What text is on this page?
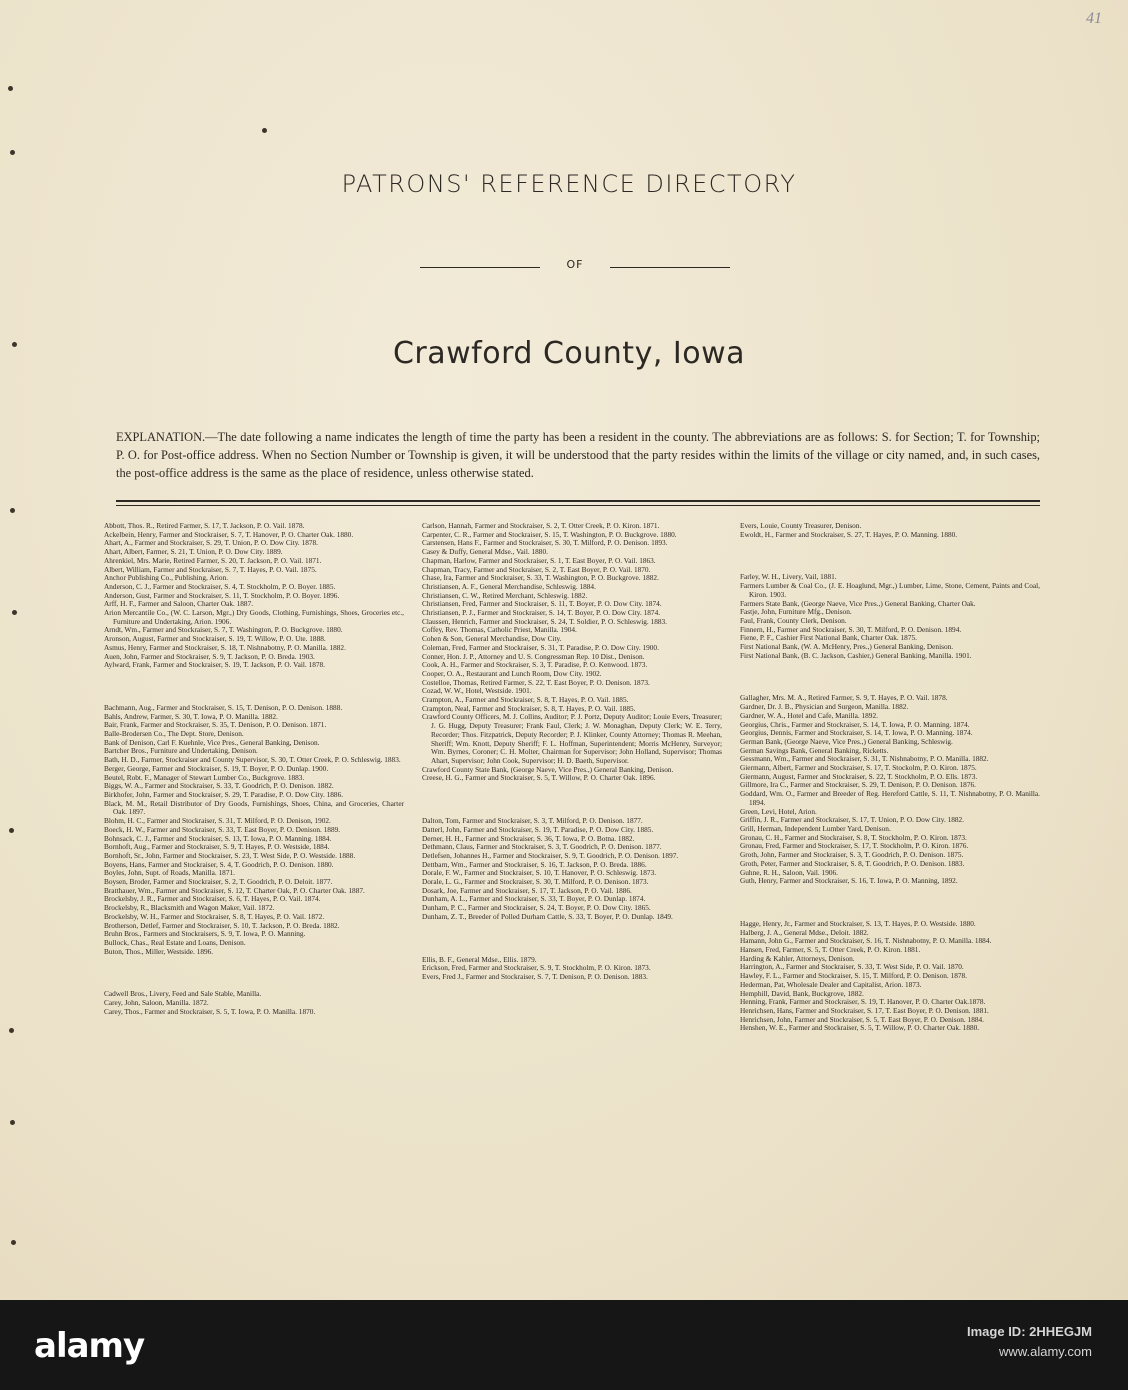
41
PATRONS' REFERENCE DIRECTORY
OF
Crawford County, Iowa
EXPLANATION.—The date following a name indicates the length of time the party has been a resident in the county. The abbreviations are as follows: S. for Section; T. for Township; P. O. for Post-office address. When no Section Number or Township is given, it will be understood that the party resides within the limits of the village or city named, and, in such cases, the post-office address is the same as the place of residence, unless otherwise stated.

Abbott, Thos. R., Retired Farmer, S. 17, T. Jackson, P. O. Vail. 1878.

Ackelbein, Henry, Farmer and Stockraiser, S. 7, T. Hanover, P. O. Charter Oak. 1880.

Ahart, A., Farmer and Stockraiser, S. 29, T. Union, P. O. Dow City. 1878.

Ahart, Albert, Farmer, S. 21, T. Union, P. O. Dow City. 1889.

Ahrenkiel, Mrs. Marie, Retired Farmer, S. 20, T. Jackson, P. O. Vail. 1871.

Albert, William, Farmer and Stockraiser, S. 7, T. Hayes, P. O. Vail. 1875.

Anchor Publishing Co., Publishing, Arion.

Anderson, C. J., Farmer and Stockraiser, S. 4, T. Stockholm, P. O. Boyer. 1885.

Anderson, Gust, Farmer and Stockraiser, S. 11, T. Stockholm, P. O. Boyer. 1896.

Arff, H. F., Farmer and Saloon, Charter Oak. 1887.

Arion Mercantile Co., (W. C. Larson, Mgr.,) Dry Goods, Clothing, Furnishings, Shoes, Groceries etc., Furniture and Undertaking, Arion. 1906.

Arndt, Wm., Farmer and Stockraiser, S. 7, T. Washington, P. O. Buckgrove. 1880.

Aronson, August, Farmer and Stockraiser, S. 19, T. Willow, P. O. Ute. 1888.

Asmus, Henry, Farmer and Stockraiser, S. 18, T. Nishnabotny, P. O. Manilla. 1882.

Auen, John, Farmer and Stockraiser, S. 9, T. Jackson, P. O. Breda. 1903.

Aylward, Frank, Farmer and Stockraiser, S. 19, T. Jackson, P. O. Vail. 1878.

Bachmann, Aug., Farmer and Stockraiser, S. 15, T. Denison, P. O. Denison. 1888.

Bahls, Andrew, Farmer, S. 30, T. Iowa, P. O. Manilla. 1882.

Bair, Frank, Farmer and Stockraiser, S. 35, T. Denison, P. O. Denison. 1871.

Balle-Brodersen Co., The Dept. Store, Denison.

Bank of Denison, Carl F. Kuehnle, Vice Pres., General Banking, Denison.

Bartcher Bros., Furniture and Undertaking, Denison.

Bath, H. D., Farmer, Stockraiser and County Supervisor, S. 30, T. Otter Creek, P. O. Schleswig. 1883.

Berger, George, Farmer and Stockraiser, S. 19, T. Boyer, P. O. Dunlap. 1900.

Beutel, Robt. F., Manager of Stewart Lumber Co., Buckgrove. 1883.

Biggs, W. A., Farmer and Stockraiser, S. 33, T. Goodrich, P. O. Denison. 1882.

Birkhofer, John, Farmer and Stockraiser, S. 29, T. Paradise, P. O. Dow City. 1886.

Black, M. M., Retail Distributor of Dry Goods, Furnishings, Shoes, China, and Groceries, Charter Oak. 1897.

Blohm, H. C., Farmer and Stockraiser, S. 31, T. Milford, P. O. Denison, 1902.

Boeck, H. W., Farmer and Stockraiser, S. 33, T. East Boyer, P. O. Denison. 1889.

Bohnsack, C. J., Farmer and Stockraiser, S. 13, T. Iowa, P. O. Manning. 1884.

Bornhoft, Aug., Farmer and Stockraiser, S. 9, T. Hayes, P. O. Westside, 1884.

Bornhoft, Sr., John, Farmer and Stockraiser, S. 23, T. West Side, P. O. Westside. 1888.

Boyens, Hans, Farmer and Stockraiser, S. 4, T. Goodrich, P. O. Denison. 1880.

Boyles, John, Supt. of Roads, Manilla. 1871.

Boysen, Broder, Farmer and Stockraiser, S. 2, T. Goodrich, P. O. Deloit. 1877.

Bratthauer, Wm., Farmer and Stockraiser, S. 12, T. Charter Oak, P. O. Charter Oak. 1887.

Brockelsby, J. R., Farmer and Stockraiser, S. 6, T. Hayes, P. O. Vail. 1874.

Brockelsby, R., Blacksmith and Wagon Maker, Vail. 1872.

Brockelsby, W. H., Farmer and Stockraiser, S. 8, T. Hayes, P. O. Vail. 1872.

Brotherson, Detlef, Farmer and Stockraiser, S. 10, T. Jackson, P. O. Breda. 1882.

Bruhn Bros., Farmers and Stockraisers, S. 9, T. Iowa, P. O. Manning.

Bullock, Chas., Real Estate and Loans, Denison.

Buton, Thos., Miller, Westside. 1896.

Cadwell Bros., Livery, Feed and Sale Stable, Manilla.

Carey, John, Saloon, Manilla. 1872.

Carey, Thos., Farmer and Stockraiser, S. 5, T. Iowa, P. O. Manilla. 1870.

Carlson, Hannah, Farmer and Stockraiser, S. 2, T. Otter Creek, P. O. Kiron. 1871.

Carpenter, C. R., Farmer and Stockraiser, S. 15, T. Washington, P. O. Buckgrove. 1880.

Carstensen, Hans F., Farmer and Stockraiser, S. 30, T. Milford, P. O. Denison. 1893.

Casey & Duffy, General Mdse., Vail. 1880.

Chapman, Harlow, Farmer and Stockraiser, S. 1, T. East Boyer, P. O. Vail. 1863.

Chapman, Tracy, Farmer and Stockraiser, S. 2, T. East Boyer, P. O. Vail. 1870.

Chase, Ira, Farmer and Stockraiser, S. 33, T. Washington, P. O. Buckgrove. 1882.

Christiansen, A. F., General Merchandise, Schleswig. 1884.

Christiansen, C. W., Retired Merchant, Schleswig. 1882.

Christiansen, Fred, Farmer and Stockraiser, S. 11, T. Boyer, P. O. Dow City. 1874.

Christiansen, P. J., Farmer and Stockraiser, S. 14, T. Boyer, P. O. Dow City. 1874.

Claussen, Henrich, Farmer and Stockraiser, S. 24, T. Soldier, P. O. Schleswig. 1883.

Coffey, Rev. Thomas, Catholic Priest, Manilla. 1904.

Cohen & Son, General Merchandise, Dow City.

Coleman, Fred, Farmer and Stockraiser, S. 31, T. Paradise, P. O. Dow City. 1900.

Conner, Hon. J. P., Attorney and U. S. Congressman Rep. 10 Dist., Denison.

Cook, A. H., Farmer and Stockraiser, S. 3, T. Paradise, P. O. Kenwood. 1873.

Cooper, O. A., Restaurant and Lunch Room, Dow City. 1902.

Costelloe, Thomas, Retired Farmer, S. 22, T. East Boyer, P. O. Denison. 1873.

Cozad, W. W., Hotel, Westside. 1901.

Crampton, A., Farmer and Stockraiser, S. 8, T. Hayes, P. O. Vail. 1885.

Crampton, Neal, Farmer and Stockraiser, S. 8, T. Hayes, P. O. Vail. 1885.

Crawford County Officers, M. J. Collins, Auditor; P. J. Portz, Deputy Auditor; Louie Evers, Treasurer; J. G. Hugg, Deputy Treasurer; Frank Faul, Clerk; J. W. Monaghan, Deputy Clerk; W. E. Terry, Recorder; Thos. Fitzpatrick, Deputy Recorder; P. J. Klinker, County Attorney; Thomas R. Meehan, Sheriff; Wm. Knott, Deputy Sheriff; F. L. Hoffman, Superintendent; Morris McHenry, Surveyor; Wm. Byrnes, Coroner; C. H. Molter, Chairman for Supervisor; John Holland, Supervisor; Thomas Ahart, Supervisor; John Cook, Supervisor; H. D. Baeth, Supervisor.

Crawford County State Bank, (George Naeve, Vice Pres.,) General Banking, Denison.

Creese, H. G., Farmer and Stockraiser, S. 5, T. Willow, P. O. Charter Oak. 1896.

Dalton, Tom, Farmer and Stockraiser, S. 3, T. Milford, P. O. Denison. 1877.

Datterl, John, Farmer and Stockraiser, S. 19, T. Paradise, P. O. Dow City. 1885.

Derner, H. H., Farmer and Stockraiser, S. 36, T. Iowa, P. O. Botna. 1882.

Dethmann, Claus, Farmer and Stockraiser, S. 3, T. Goodrich, P. O. Denison. 1877.

Detlefsen, Johannes H., Farmer and Stockraiser, S. 9, T. Goodrich, P. O. Denison. 1897.

Dettbarn, Wm., Farmer and Stockraiser, S. 16, T. Jackson, P. O. Breda. 1886.

Dorale, F. W., Farmer and Stockraiser, S. 10, T. Hanover, P. O. Schleswig. 1873.

Dorale, L. G., Farmer and Stockraiser, S. 30, T. Milford, P. O. Denison. 1873.

Dosark, Joe, Farmer and Stockraiser, S. 17, T. Jackson, P. O. Vail. 1886.

Dunham, A. L., Farmer and Stockraiser, S. 33, T. Boyer, P. O. Dunlap. 1874.

Dunham, P. C., Farmer and Stockraiser, S. 24, T. Boyer, P. O. Dow City. 1865.

Dunham, Z. T., Breeder of Polled Durham Cattle, S. 33, T. Boyer, P. O. Dunlap. 1849.

Ellis, B. F., General Mdse., Ellis. 1879.

Erickson, Fred, Farmer and Stockraiser, S. 9, T. Stockholm, P. O. Kiron. 1873.

Evers, Fred J., Farmer and Stockraiser, S. 7, T. Denison, P. O. Denison. 1883.

Evers, Louie, County Treasurer, Denison.

Ewoldt, H., Farmer and Stockraiser, S. 27, T. Hayes, P. O. Manning. 1880.

Farley, W. H., Livery, Vail, 1881.

Farmers Lumber & Coal Co., (J. E. Hoaglund, Mgr.,) Lumber, Lime, Stone, Cement, Paints and Coal, Kiron. 1903.

Farmers State Bank, (George Naeve, Vice Pres.,) General Banking, Charter Oak.

Fastje, John, Furniture Mfg., Denison.

Faul, Frank, County Clerk, Denison.

Finnern, H., Farmer and Stockraiser, S. 30, T. Milford, P. O. Denison. 1894.

Fiene, P. F., Cashier First National Bank, Charter Oak. 1875.

First National Bank, (W. A. McHenry, Pres.,) General Banking, Denison.

First National Bank, (B. C. Jackson, Cashier,) General Banking, Manilla. 1901.

Gallagher, Mrs. M. A., Retired Farmer, S. 9, T. Hayes, P. O. Vail. 1878.

Gardner, Dr. J. B., Physician and Surgeon, Manilla. 1882.

Gardner, W. A., Hotel and Cafe, Manilla. 1892.

Georgius, Chris., Farmer and Stockraiser, S. 14, T. Iowa, P. O. Manning. 1874.

Georgius, Dennis, Farmer and Stockraiser, S. 14, T. Iowa, P. O. Manning. 1874.

German Bank, (George Naeve, Vice Pres.,) General Banking, Schleswig.

German Savings Bank, General Banking, Ricketts.

Gessmann, Wm., Farmer and Stockraiser, S. 31, T. Nishnabotny, P. O. Manilla. 1882.

Giermann, Albert, Farmer and Stockraiser, S. 17, T. Stockolm, P. O. Kiron. 1875.

Giermann, August, Farmer and Stockraiser, S. 22, T. Stockholm, P. O. Ells. 1873.

Gillmore, Ira C., Farmer and Stockraiser, S. 29, T. Denison, P. O. Denison. 1876.

Goddard, Wm. O., Farmer and Breeder of Reg. Hereford Cattle, S. 11, T. Nishnabotny, P. O. Manilla. 1894.

Green, Levi, Hotel, Arion.

Griffin, J. R., Farmer and Stockraiser, S. 17, T. Union, P. O. Dow City. 1882.

Grill, Herman, Independent Lumber Yard, Denison.

Gronau, C. H., Farmer and Stockraiser, S. 8, T. Stockholm, P. O. Kiron. 1873.

Gronau, Fred, Farmer and Stockraiser, S. 17, T. Stockholm, P. O. Kiron. 1876.

Groth, John, Farmer and Stockraiser, S. 3, T. Goodrich, P. O. Denison. 1875.

Groth, Peter, Farmer and Stockraiser, S. 8, T. Goodrich, P. O. Denison. 1883.

Guhne, R. H., Saloon, Vail. 1906.

Guth, Henry, Farmer and Stockraiser, S. 16, T. Iowa, P. O. Manning, 1892.

Hagge, Henry, Jr., Farmer and Stockraiser, S. 13, T. Hayes, P. O. Westside. 1880.

Halberg, J. A., General Mdse., Deloit. 1882.

Hamann, John G., Farmer and Stockraiser, S. 16, T. Nishnabotny, P. O. Manilla. 1884.

Hansen, Fred, Farmer, S. 5, T. Otter Creek, P. O. Kiron. 1881.

Harding & Kahler, Attorneys, Denison.

Harrington, A., Farmer and Stockraiser, S. 33, T. West Side, P. O. Vail. 1870.

Hawley, F. L., Farmer and Stockraiser, S. 15, T. Milford, P. O. Denison. 1878.

Hederman, Pat, Wholesale Dealer and Capitalist, Arion. 1873.

Hemphill, David, Bank, Buckgrove, 1882.

Henning, Frank, Farmer and Stockraiser, S. 19, T. Hanover, P. O. Charter Oak.1878.

Henrichsen, Hans, Farmer and Stockraiser, S. 17, T. East Boyer, P. O. Denison. 1881.

Henrichsen, John, Farmer and Stockraiser, S. 5, T. East Boyer, P. O. Denison. 1884.

Henshen, W. E., Farmer and Stockraiser, S. 5, T. Willow, P. O. Charter Oak. 1880.

alamy	Image ID: 2HHEGJM
www.alamy.com
